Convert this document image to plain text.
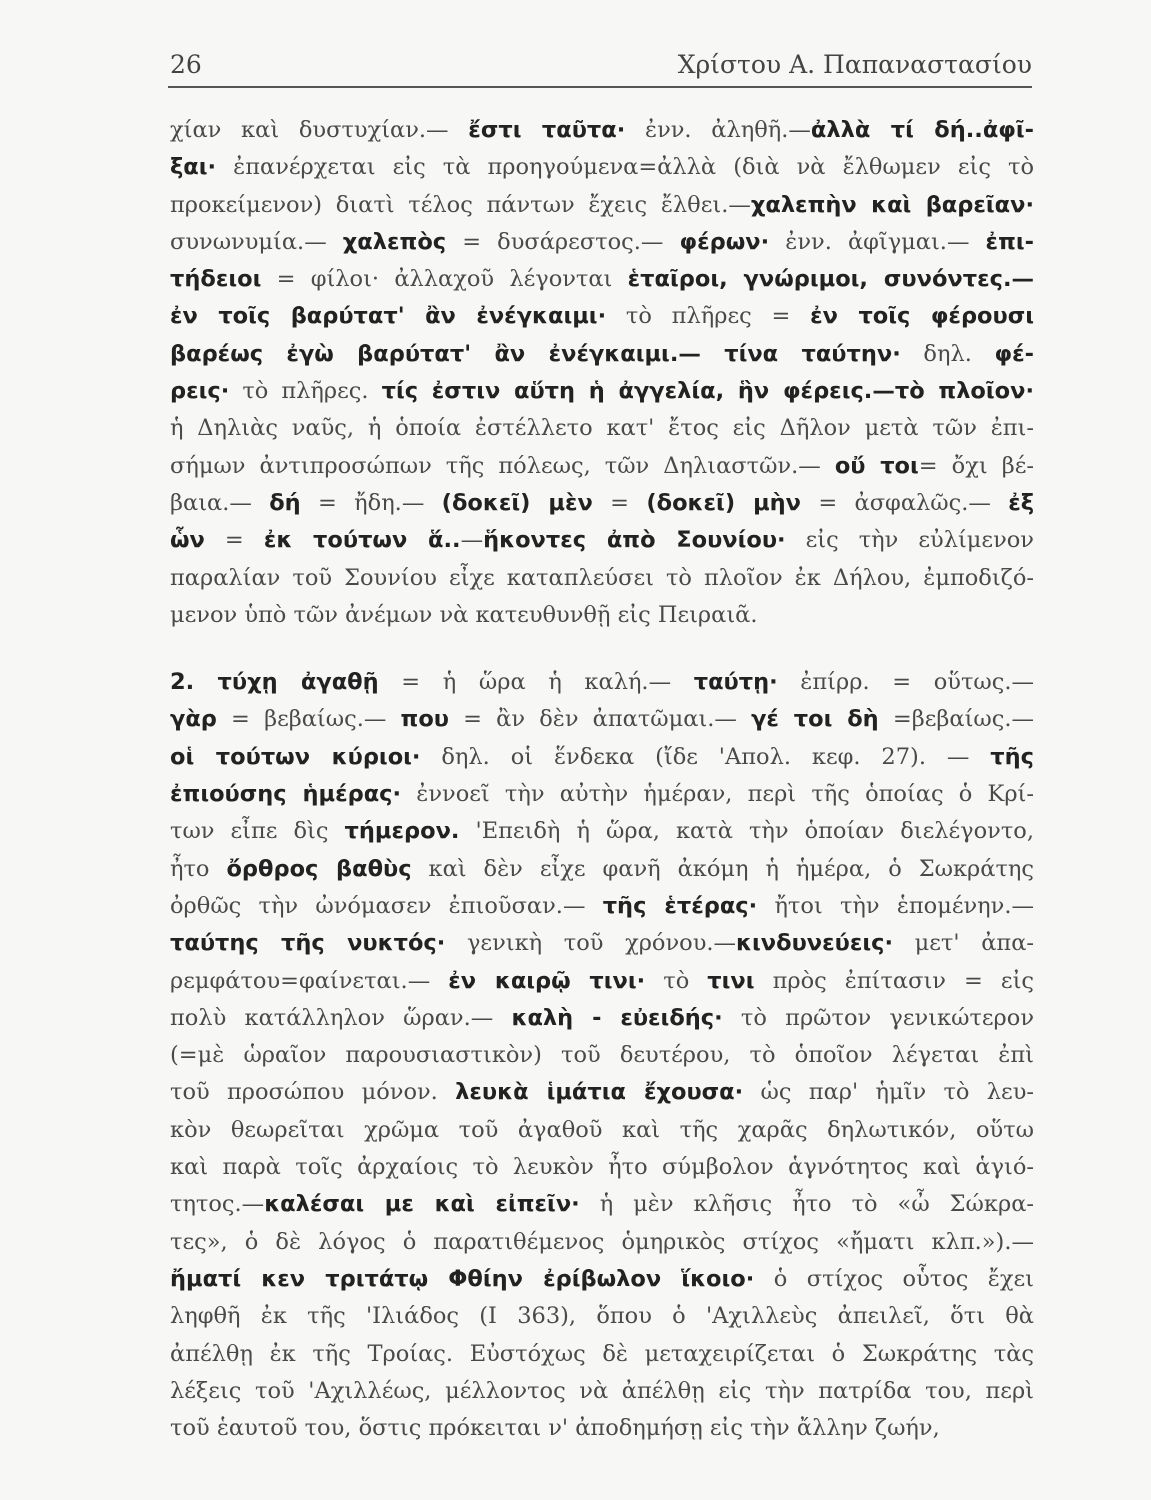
26	Χρίστου Α. Παπαναστασίου
χίαν καὶ δυστυχίαν.— ἔστι ταῦτα· ἐνν. ἀληθῆ.—ἀλλὰ τί δή..ἀφῖ-
ξαι· ἐπανέρχεται εἰς τὰ προηγούμενα=ἀλλὰ (διὰ νὰ ἔλθωμεν εἰς τὸ
προκείμενον) διατὶ τέλος πάντων ἔχεις ἔλθει.—χαλεπὴν καὶ βαρεῖαν·
συνωνυμία.— χαλεπὸς = δυσάρεστος.— φέρων· ἐνν. ἀφῖγμαι.— ἐπι-
τήδειοι = φίλοι· ἀλλαχοῦ λέγονται ἑταῖροι, γνώριμοι, συνόντες.—
ἐν τοῖς βαρύτατ' ἂν ἐνέγκαιμι· τὸ πλῆρες = ἐν τοῖς φέρουσι
βαρέως ἐγὼ βαρύτατ' ἂν ἐνέγκαιμι.— τίνα ταύτην· δηλ. φέ-
ρεις· τὸ πλῆρες. τίς ἐστιν αὕτη ἡ ἀγγελία, ἣν φέρεις.—τὸ πλοῖον·
ἡ Δηλιὰς ναῦς, ἡ ὁποία ἐστέλλετο κατ' ἔτος εἰς Δῆλον μετὰ τῶν ἐπι-
σήμων ἀντιπροσώπων τῆς πόλεως, τῶν Δηλιαστῶν.— οὔ τοι= ὄχι βέ-
βαια.— δή = ἤδη.— (δοκεῖ) μὲν = (δοκεῖ) μὴν = ἀσφαλῶς.— ἐξ
ὧν = ἐκ τούτων ἅ..—ἥκοντες ἀπὸ Σουνίου· εἰς τὴν εὐλίμενον
παραλίαν τοῦ Σουνίου εἶχε καταπλεύσει τὸ πλοῖον ἐκ Δήλου, ἐμποδιζό-
μενον ὑπὸ τῶν ἀνέμων νὰ κατευθυνθῇ εἰς Πειραιᾶ.
2. τύχῃ ἀγαθῇ = ἡ ὥρα ἡ καλή.— ταύτῃ· ἐπίρρ. = οὕτως.—
γὰρ = βεβαίως.— που = ἂν δὲν ἀπατῶμαι.— γέ τοι δὴ =βεβαίως.—
οἱ τούτων κύριοι· δηλ. οἱ ἕνδεκα (ἴδε 'Απολ. κεφ. 27). — τῆς
ἐπιούσης ἡμέρας· ἐννοεῖ τὴν αὐτὴν ἡμέραν, περὶ τῆς ὁποίας ὁ Κρί-
των εἶπε δὶς τήμερον. 'Επειδὴ ἡ ὥρα, κατὰ τὴν ὁποίαν διελέγοντο,
ἦτο ὄρθρος βαθὺς καὶ δὲν εἶχε φανῆ ἀκόμη ἡ ἡμέρα, ὁ Σωκράτης
ὀρθῶς τὴν ὠνόμασεν ἐπιοῦσαν.— τῆς ἑτέρας· ἤτοι τὴν ἑπομένην.—
ταύτης τῆς νυκτός· γενικὴ τοῦ χρόνου.—κινδυνεύεις· μετ' ἀπα-
ρεμφάτου=φαίνεται.— ἐν καιρῷ τινι· τὸ τινι πρὸς ἐπίτασιν = εἰς
πολὺ κατάλληλον ὥραν.— καλὴ - εὐειδής· τὸ πρῶτον γενικώτερον
(=μὲ ὡραῖον παρουσιαστικὸν) τοῦ δευτέρου, τὸ ὁποῖον λέγεται ἐπὶ
τοῦ προσώπου μόνον. λευκὰ ἱμάτια ἔχουσα· ὡς παρ' ἡμῖν τὸ λευ-
κὸν θεωρεῖται χρῶμα τοῦ ἀγαθοῦ καὶ τῆς χαρᾶς δηλωτικόν, οὕτω
καὶ παρὰ τοῖς ἀρχαίοις τὸ λευκὸν ἦτο σύμβολον ἁγνότητος καὶ ἁγιό-
τητος.—καλέσαι με καὶ εἰπεῖν· ἡ μὲν κλῆσις ἦτο τὸ «ὦ Σώκρα-
τες», ὁ δὲ λόγος ὁ παρατιθέμενος ὁμηρικὸς στίχος «ἤματι κλπ.»).—
ἤματί κεν τριτάτῳ Φθίην ἐρίβωλον ἵκοιο· ὁ στίχος οὗτος ἔχει
ληφθῆ ἐκ τῆς 'Ιλιάδος (Ι 363), ὅπου ὁ 'Αχιλλεὺς ἀπειλεῖ, ὅτι θὰ
ἀπέλθῃ ἐκ τῆς Τροίας. Εὐστόχως δὲ μεταχειρίζεται ὁ Σωκράτης τὰς
λέξεις τοῦ 'Αχιλλέως, μέλλοντος νὰ ἀπέλθῃ εἰς τὴν πατρίδα του, περὶ
τοῦ ἑαυτοῦ του, ὅστις πρόκειται ν' ἀποδημήσῃ εἰς τὴν ἄλλην ζωήν,
